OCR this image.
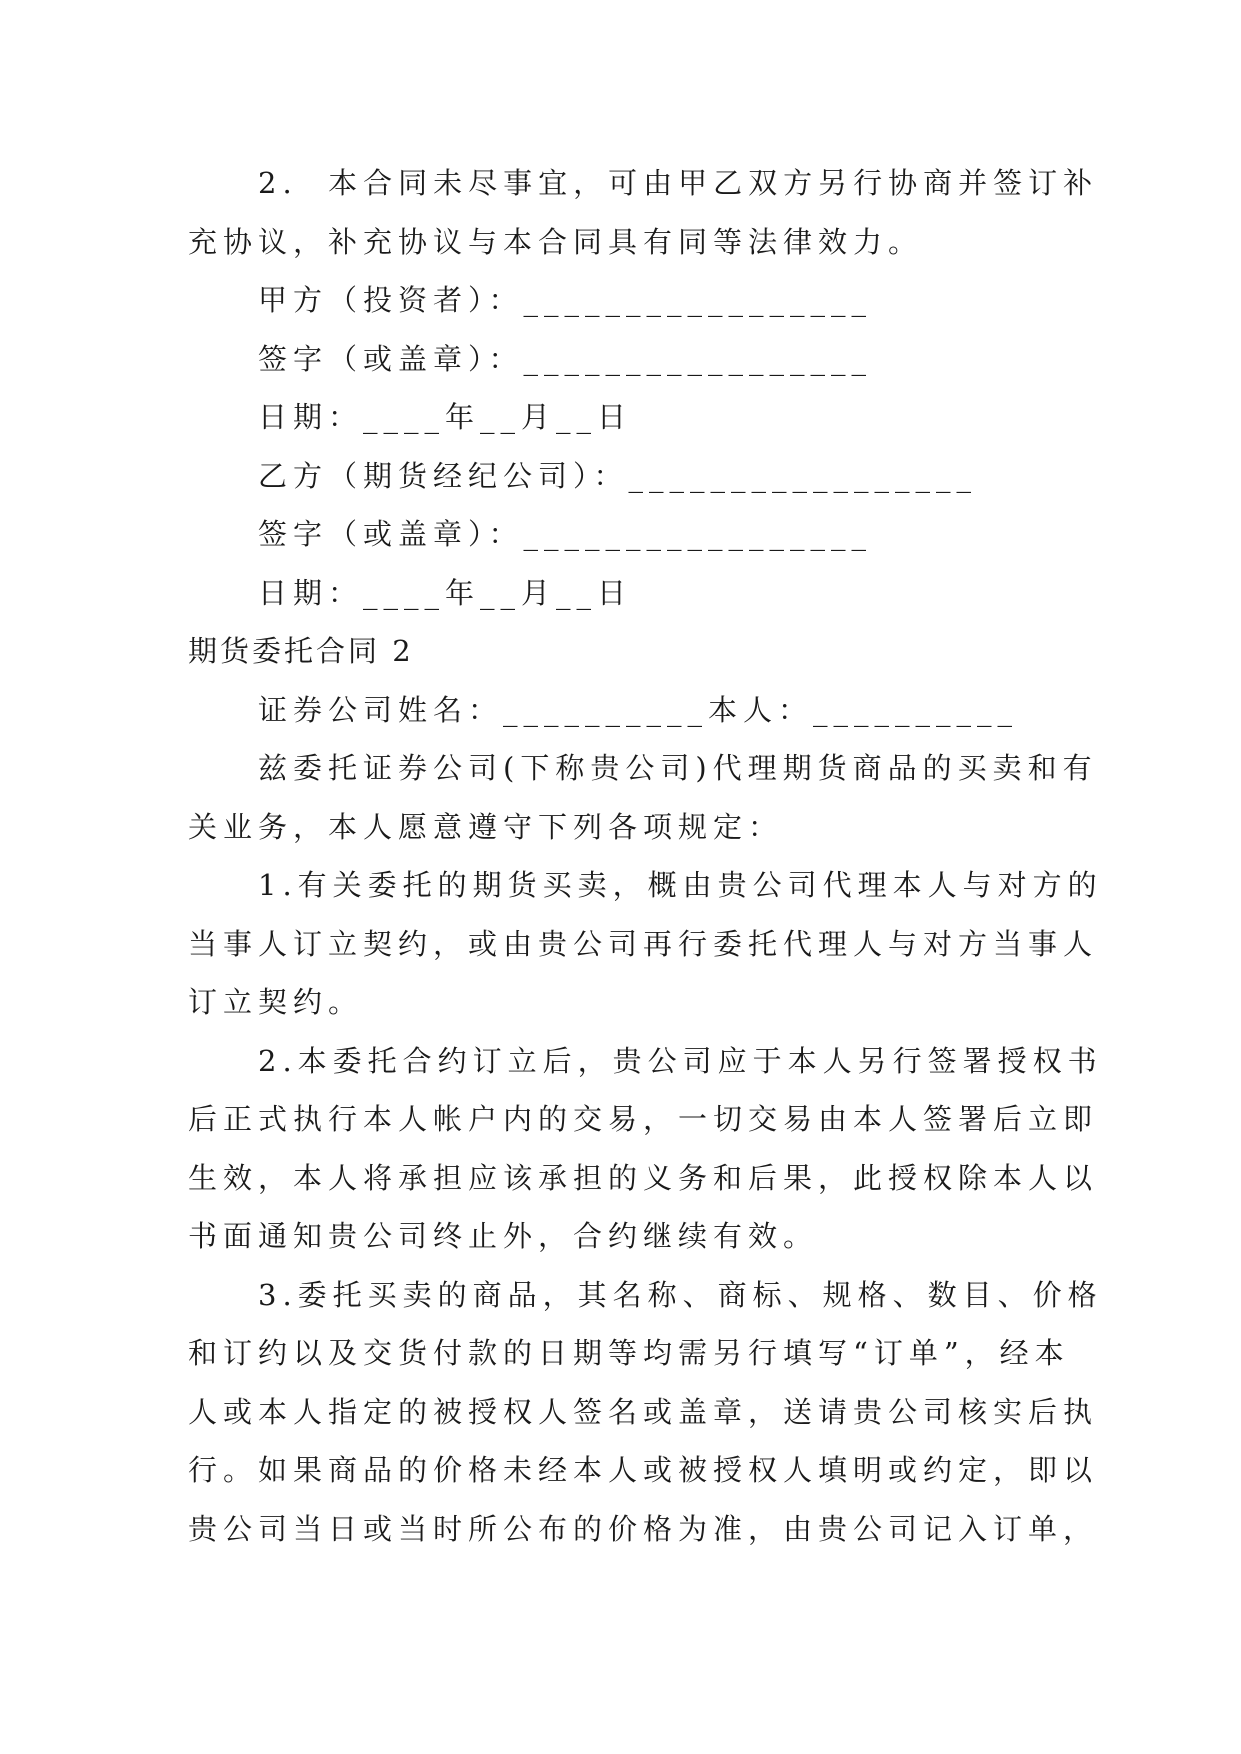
2.  本合同未尽事宜，可由甲乙双方另行协商并签订补
充协议，补充协议与本合同具有同等法律效力。
甲方（投资者）：_________________
签字（或盖章）：_________________
日期：____年__月__日
乙方（期货经纪公司）：_________________
签字（或盖章）：_________________
日期：____年__月__日
期货委托合同 2
证券公司姓名：__________本人：__________
兹委托证券公司(下称贵公司)代理期货商品的买卖和有
关业务，本人愿意遵守下列各项规定：
1.有关委托的期货买卖，概由贵公司代理本人与对方的
当事人订立契约，或由贵公司再行委托代理人与对方当事人
订立契约。
2.本委托合约订立后，贵公司应于本人另行签署授权书
后正式执行本人帐户内的交易，一切交易由本人签署后立即
生效，本人将承担应该承担的义务和后果，此授权除本人以
书面通知贵公司终止外，合约继续有效。
3.委托买卖的商品，其名称、商标、规格、数目、价格
和订约以及交货付款的日期等均需另行填写“订单”，经本
人或本人指定的被授权人签名或盖章，送请贵公司核实后执
行。如果商品的价格未经本人或被授权人填明或约定，即以
贵公司当日或当时所公布的价格为准，由贵公司记入订单，
